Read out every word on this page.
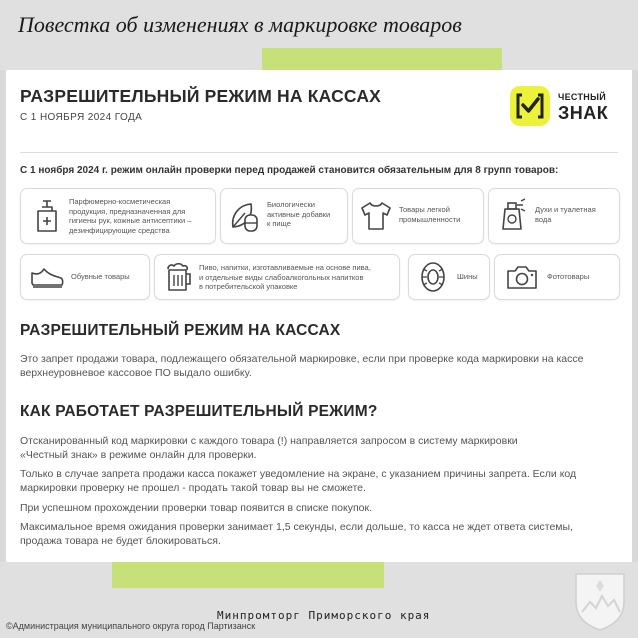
Повестка об изменениях в маркировке товаров
РАЗРЕШИТЕЛЬНЫЙ РЕЖИМ НА КАССАХ
С 1 НОЯБРЯ 2024 ГОДА
ЧЕСТНЫЙ
ЗНАК
С 1 ноября 2024 г. режим онлайн проверки перед продажей становится обязательным для 8 групп товаров:
Парфюмерно-косметическая
продукция, предназначенная для
гигиены рук, кожные антисептики –
дезинфицирующие средства
Биологически
активные добавки
к пище
Товары легкой
промышленности
Духи и туалетная
вода
Обувные товары
Пиво, напитки, изготавливаемые на основе пива,
и отдельные виды слабоалкогольных напитков
в потребительской упаковке
Шины	Фототовары
РАЗРЕШИТЕЛЬНЫЙ РЕЖИМ НА КАССАХ
Это запрет продажи товара, подлежащего обязательной маркировке, если при проверке кода маркировки на кассе
верхнеуровневое кассовое ПО выдало ошибку.
КАК РАБОТАЕТ РАЗРЕШИТЕЛЬНЫЙ РЕЖИМ?
Отсканированный код маркировки с каждого товара (!) направляется запросом в систему маркировки
«Честный знак» в режиме онлайн для проверки.
Только в случае запрета продажи касса покажет уведомление на экране, с указанием причины запрета. Если код
маркировки проверку не прошел - продать такой товар вы не сможете.
При успешном прохождении проверки товар появится в списке покупок.
Максимальное время ожидания проверки занимает 1,5 секунды, если дольше, то касса не ждет ответа системы,
продажа товара не будет блокироваться.
Минпромторг Приморского края
©Администрация муниципального округа город Партизанск
